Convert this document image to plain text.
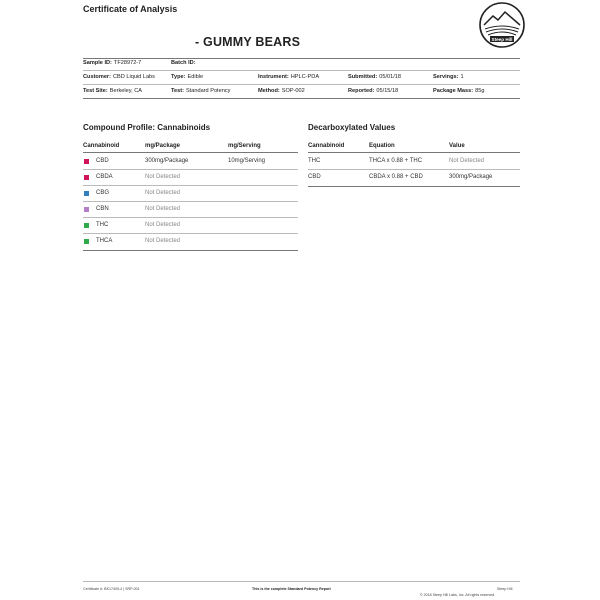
Certificate of Analysis
Steep Hill
- GUMMY BEARS
Sample ID: TF28972-7	Batch ID:
Customer: CBD Liquid Labs	Type: Edible	Instrument: HPLC-PDA	Submitted: 05/01/18	Servings: 1
Test Site: Berkeley, CA	Test: Standard Potency	Method: SOP-002	Reported: 05/15/18	Package Mass: 85g
Compound Profile: Cannabinoids
Cannabinoid	mg/Package	mg/Serving
CBD	300mg/Package	10mg/Serving
CBDA	Not Detected
CBG	Not Detected
CBN	Not Detected
THC	Not Detected
THCA	Not Detected
Decarboxylated Values
Cannabinoid	Equation	Value
THC	THCA x 0.88 + THC	Not Detected
CBD	CBDA x 0.88 + CBD	300mg/Package
Certificate #: BK17409-4 | SRP-001	This is the complete Standard Potency Report	Steep Hill
© 2018 Steep Hill Labs, Inc. All rights reserved.
